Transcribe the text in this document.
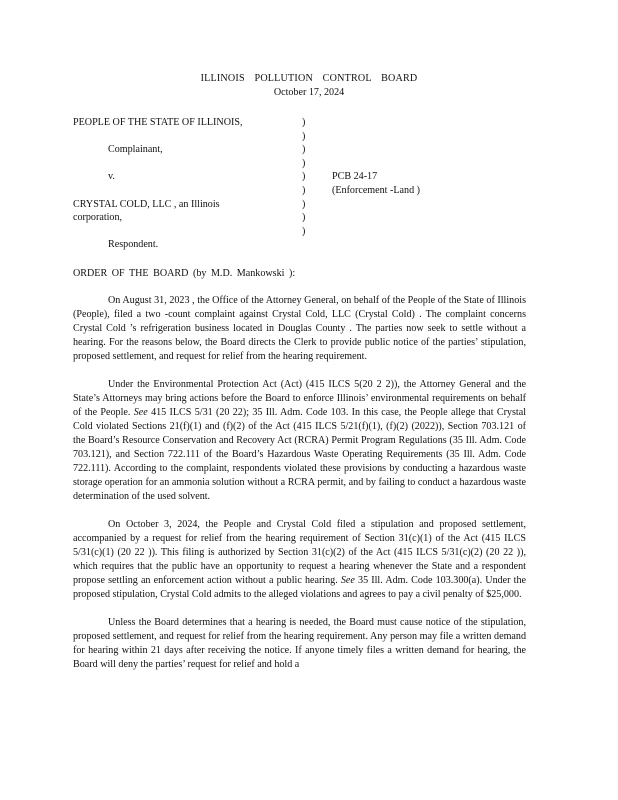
ILLINOIS POLLUTION CONTROL BOARD
October 17, 2024
PEOPLE OF THE STATE OF ILLINOIS,
Complainant,
v.
CRYSTAL COLD, LLC , an Illinois
corporation,
Respondent.
)
)
)
)
)
)
)
)
)
PCB 24-17
(Enforcement -Land )
ORDER OF THE BOARD (by M.D. Mankowski ):

On August 31, 2023 , the Office of the Attorney General, on behalf of the People of the State of Illinois (People), filed a two -count complaint against Crystal Cold, LLC (Crystal Cold) . The complaint concerns Crystal Cold ’s refrigeration business located in Douglas County . The parties now seek to settle without a hearing. For the reasons below, the Board directs the Clerk to provide public notice of the parties’ stipulation, proposed settlement, and request for relief from the hearing requirement.

Under the Environmental Protection Act (Act) (415 ILCS 5(20 2 2)), the Attorney General and the State’s Attorneys may bring actions before the Board to enforce Illinois’ environmental requirements on behalf of the People. See 415 ILCS 5/31 (20 22); 35 Ill. Adm. Code 103. In this case, the People allege that Crystal Cold violated Sections 21(f)(1) and (f)(2) of the Act (415 ILCS 5/21(f)(1), (f)(2) (2022)), Section 703.121 of the Board’s Resource Conservation and Recovery Act (RCRA) Permit Program Regulations (35 Ill. Adm. Code 703.121), and Section 722.111 of the Board’s Hazardous Waste Operating Requirements (35 Ill. Adm. Code 722.111). According to the complaint, respondents violated these provisions by conducting a hazardous waste storage operation for an ammonia solution without a RCRA permit, and by failing to conduct a hazardous waste determination of the used solvent.

On October 3, 2024, the People and Crystal Cold filed a stipulation and proposed settlement, accompanied by a request for relief from the hearing requirement of Section 31(c)(1) of the Act (415 ILCS 5/31(c)(1) (20 22 )). This filing is authorized by Section 31(c)(2) of the Act (415 ILCS 5/31(c)(2) (20 22 )), which requires that the public have an opportunity to request a hearing whenever the State and a respondent propose settling an enforcement action without a public hearing. See 35 Ill. Adm. Code 103.300(a). Under the proposed stipulation, Crystal Cold admits to the alleged violations and agrees to pay a civil penalty of $25,000.

Unless the Board determines that a hearing is needed, the Board must cause notice of the stipulation, proposed settlement, and request for relief from the hearing requirement. Any person may file a written demand for hearing within 21 days after receiving the notice. If anyone timely files a written demand for hearing, the Board will deny the parties’ request for relief and hold a
